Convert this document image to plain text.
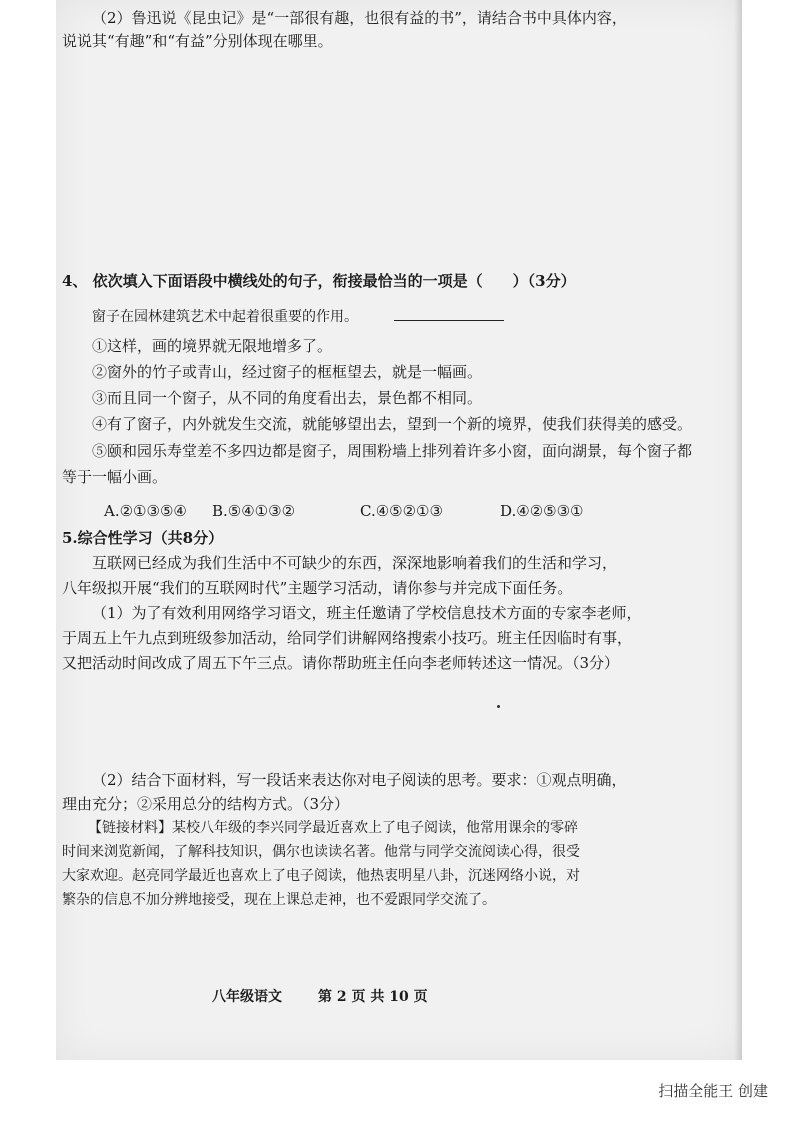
（2）鲁迅说《昆虫记》是“一部很有趣，也很有益的书”，请结合书中具体内容，
说说其“有趣”和“有益”分别体现在哪里。
4、 依次填入下面语段中横线处的句子，衔接最恰当的一项是（　　）（3分）
窗子在园林建筑艺术中起着很重要的作用。
①这样，画的境界就无限地增多了。
②窗外的竹子或青山，经过窗子的框框望去，就是一幅画。
③而且同一个窗子，从不同的角度看出去，景色都不相同。
④有了窗子，内外就发生交流，就能够望出去，望到一个新的境界，使我们获得美的感受。
⑤颐和园乐寿堂差不多四边都是窗子，周围粉墙上排列着许多小窗，面向湖景，每个窗子都
等于一幅小画。
A.②①③⑤④ B.⑤④①③②	C.④⑤②①③	D.④②⑤③①
5.综合性学习（共8分）
互联网已经成为我们生活中不可缺少的东西，深深地影响着我们的生活和学习，
八年级拟开展“我们的互联网时代”主题学习活动，请你参与并完成下面任务。
（1）为了有效利用网络学习语文，班主任邀请了学校信息技术方面的专家李老师，
于周五上午九点到班级参加活动，给同学们讲解网络搜索小技巧。班主任因临时有事，
又把活动时间改成了周五下午三点。请你帮助班主任向李老师转述这一情况。（3分）
（2）结合下面材料，写一段话来表达你对电子阅读的思考。要求：①观点明确，
理由充分；②采用总分的结构方式。（3分）
【链接材料】某校八年级的李兴同学最近喜欢上了电子阅读，他常用课余的零碎
时间来浏览新闻，了解科技知识，偶尔也读读名著。他常与同学交流阅读心得，很受
大家欢迎。赵亮同学最近也喜欢上了电子阅读，他热衷明星八卦，沉迷网络小说，对
繁杂的信息不加分辨地接受，现在上课总走神，也不爱跟同学交流了。
八年级语文	第 2 页 共 10 页
扫描全能王 创建
